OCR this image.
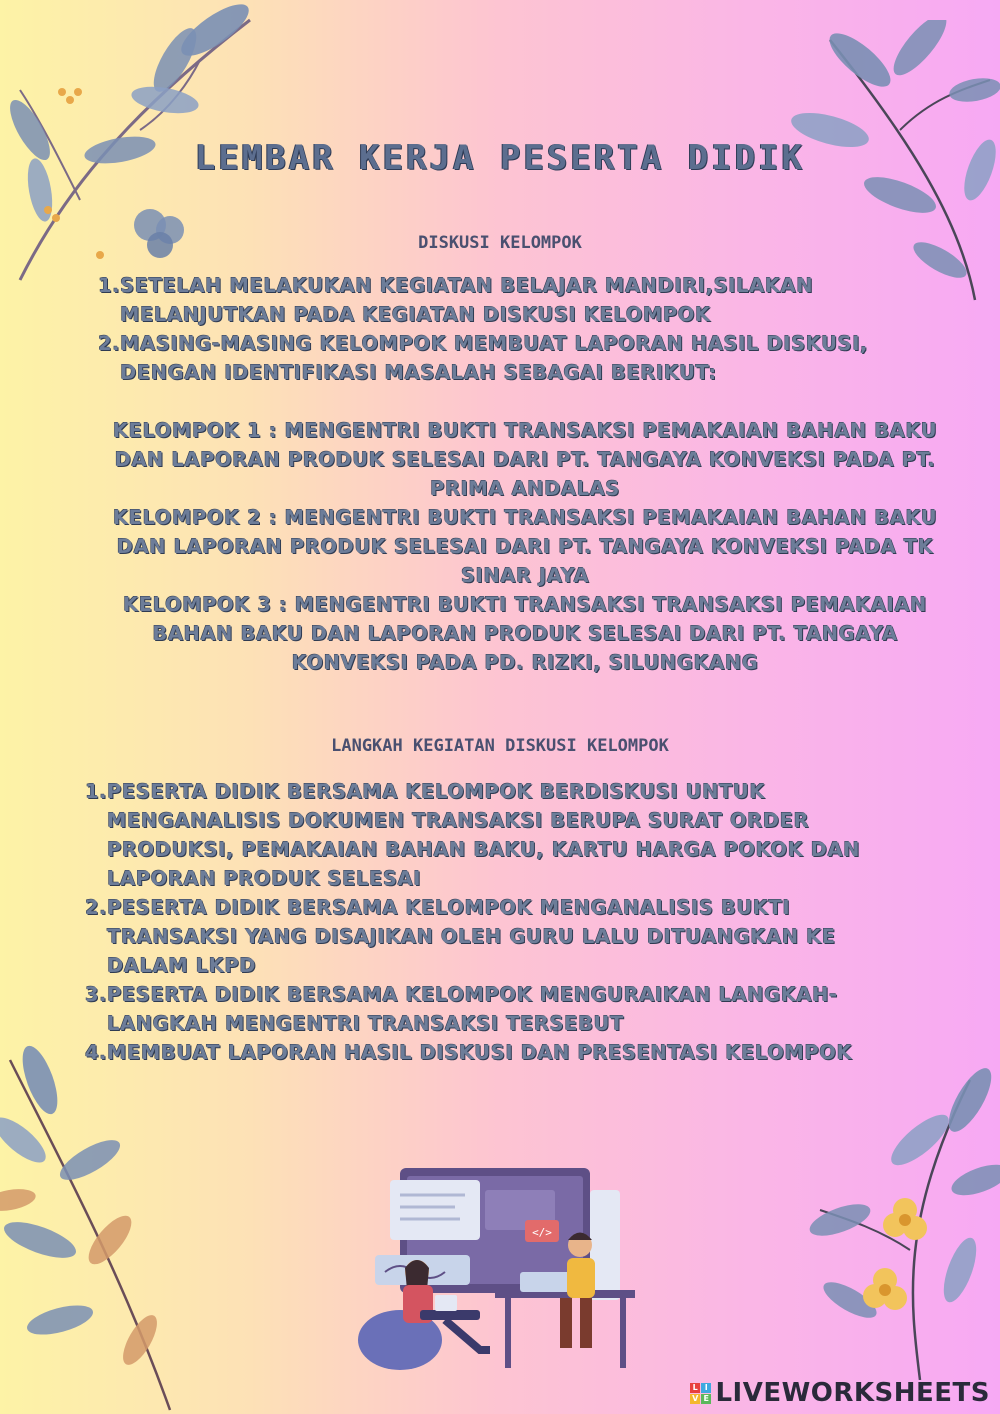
LEMBAR KERJA PESERTA DIDIK
DISKUSI KELOMPOK
1. SETELAH MELAKUKAN KEGIATAN BELAJAR MANDIRI,SILAKAN
MELANJUTKAN PADA KEGIATAN DISKUSI KELOMPOK
2. MASING-MASING KELOMPOK MEMBUAT LAPORAN HASIL DISKUSI,
DENGAN IDENTIFIKASI MASALAH SEBAGAI BERIKUT:
KELOMPOK 1 : MENGENTRI BUKTI TRANSAKSI PEMAKAIAN BAHAN BAKU
DAN LAPORAN PRODUK SELESAI DARI PT. TANGAYA KONVEKSI PADA PT.
PRIMA ANDALAS
KELOMPOK 2 : MENGENTRI BUKTI TRANSAKSI PEMAKAIAN BAHAN BAKU
DAN LAPORAN PRODUK SELESAI DARI PT. TANGAYA KONVEKSI PADA TK
SINAR JAYA
KELOMPOK 3 : MENGENTRI BUKTI TRANSAKSI TRANSAKSI PEMAKAIAN
BAHAN BAKU DAN LAPORAN PRODUK SELESAI DARI PT. TANGAYA
KONVEKSI PADA PD. RIZKI, SILUNGKANG
LANGKAH KEGIATAN DISKUSI KELOMPOK
1. PESERTA DIDIK BERSAMA KELOMPOK BERDISKUSI UNTUK
MENGANALISIS DOKUMEN TRANSAKSI BERUPA SURAT ORDER
PRODUKSI, PEMAKAIAN BAHAN BAKU, KARTU HARGA POKOK DAN
LAPORAN PRODUK SELESAI
2. PESERTA DIDIK BERSAMA KELOMPOK MENGANALISIS BUKTI
TRANSAKSI YANG DISAJIKAN OLEH GURU LALU DITUANGKAN KE
DALAM LKPD
3. PESERTA DIDIK BERSAMA KELOMPOK MENGURAIKAN LANGKAH-
LANGKAH MENGENTRI TRANSAKSI TERSEBUT
4. MEMBUAT LAPORAN HASIL DISKUSI DAN PRESENTASI KELOMPOK
</>
L I
V E LIVEWORKSHEETS
